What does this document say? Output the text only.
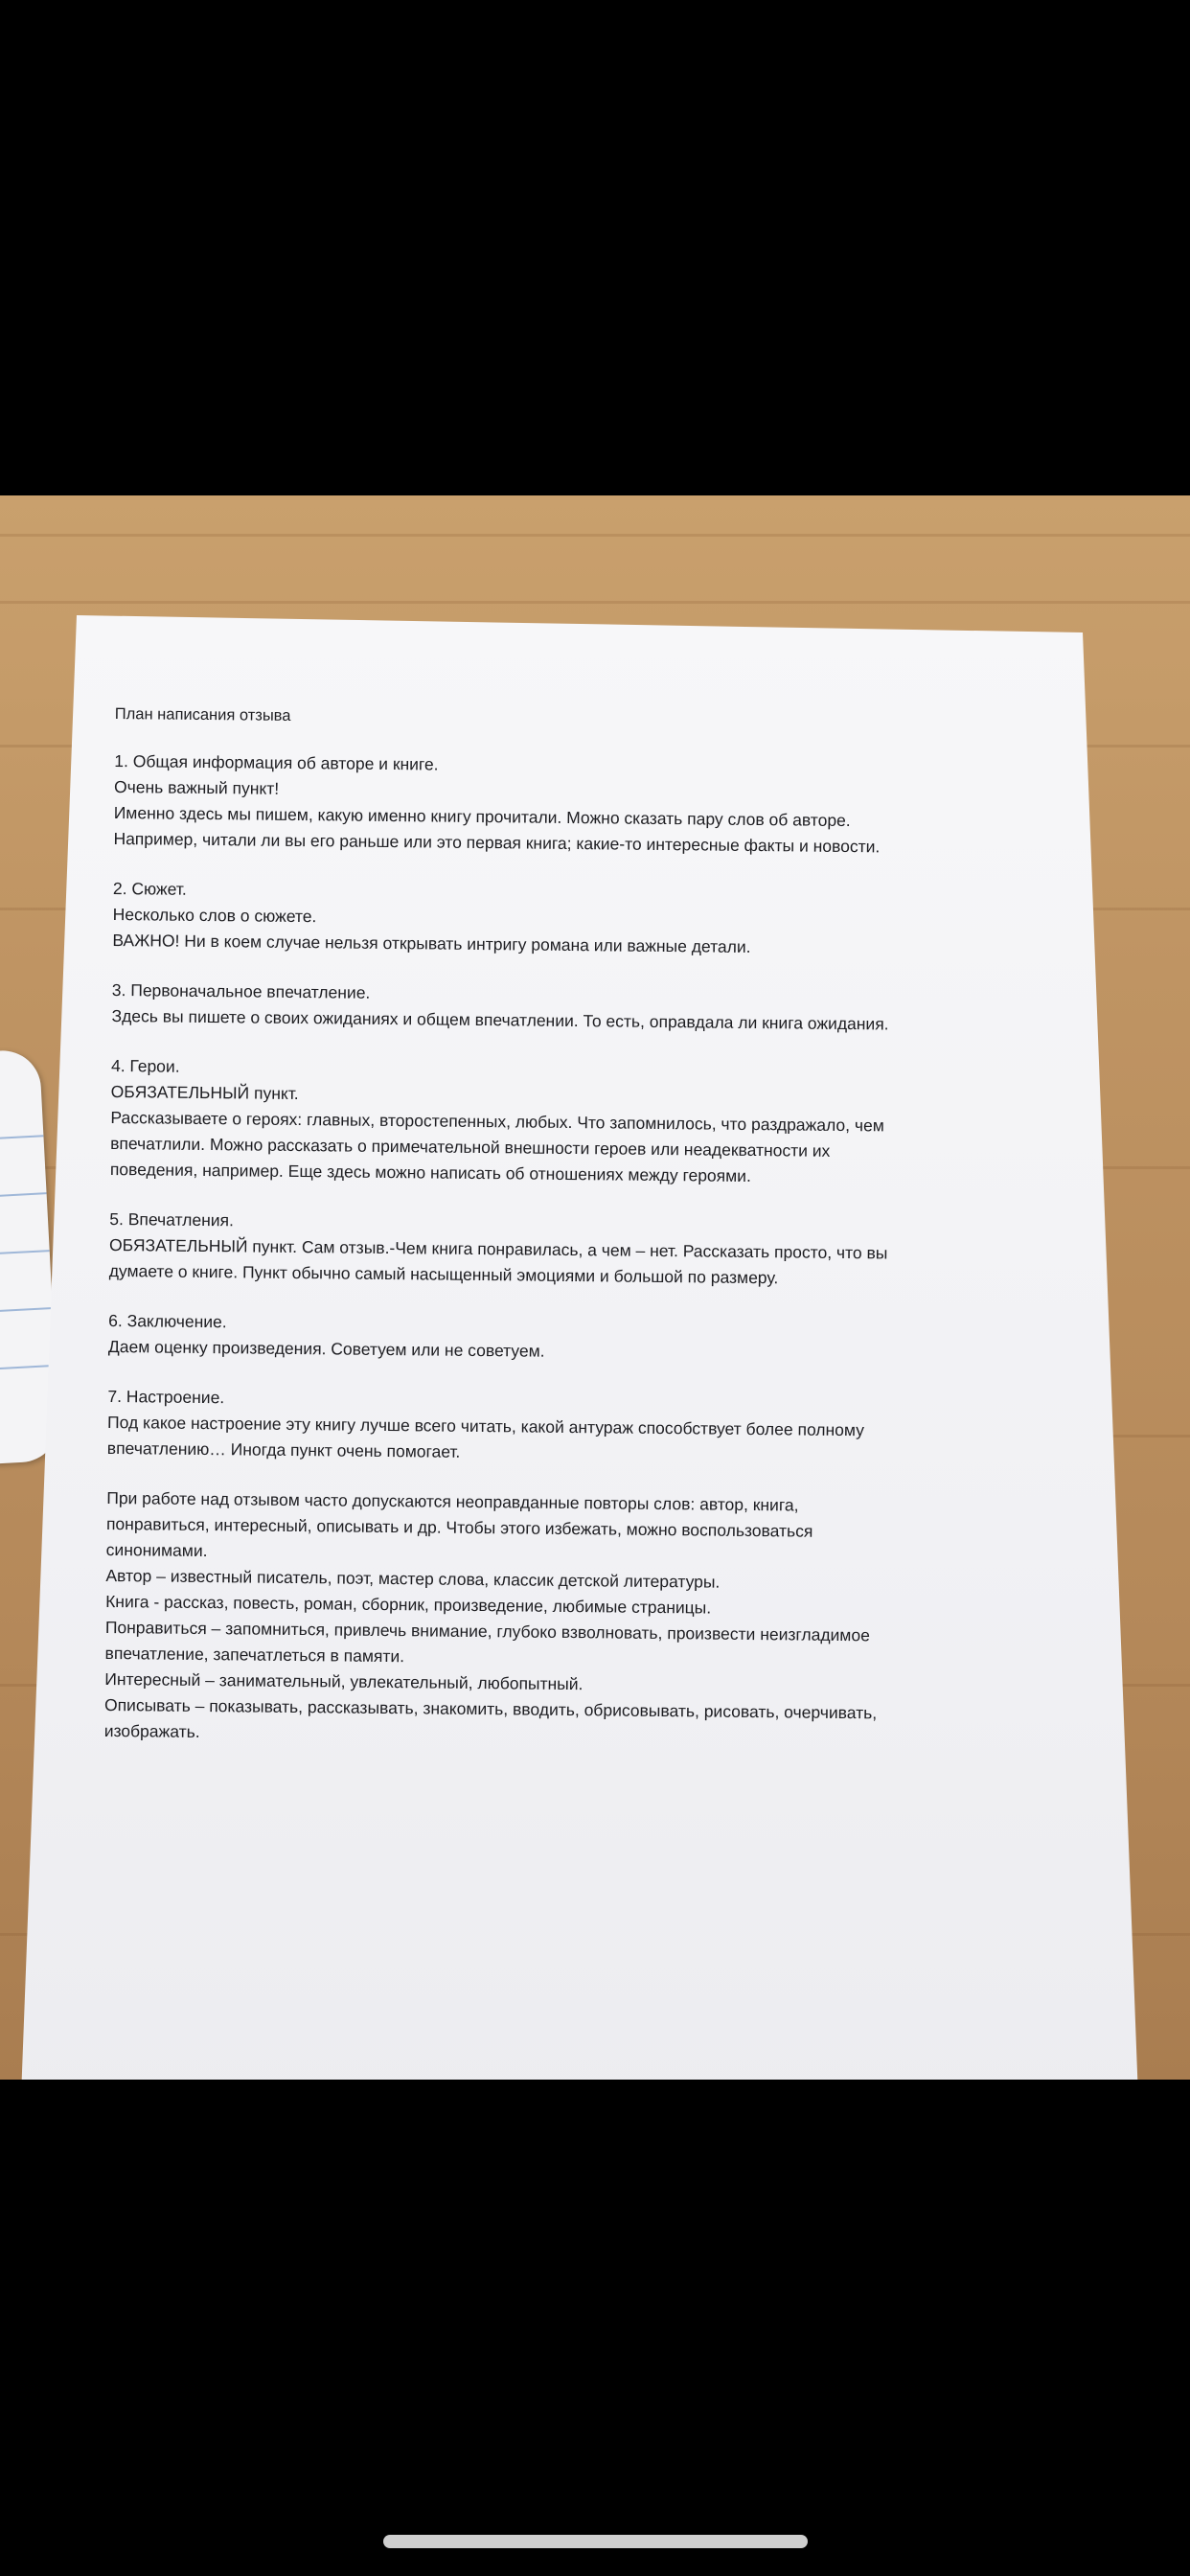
План написания отзыва

1. Общая информация об авторе и книге.

Очень важный пункт!

Именно здесь мы пишем, какую именно книгу прочитали. Можно сказать пару слов об авторе.

Например, читали ли вы его раньше или это первая книга; какие-то интересные факты и новости.

2. Сюжет.

Несколько слов о сюжете.

ВАЖНО! Ни в коем случае нельзя открывать интригу романа или важные детали.

3. Первоначальное впечатление.

Здесь вы пишете о своих ожиданиях и общем впечатлении. То есть, оправдала ли книга ожидания.

4. Герои.

ОБЯЗАТЕЛЬНЫЙ пункт.

Рассказываете о героях: главных, второстепенных, любых. Что запомнилось, что раздражало, чем

впечатлили. Можно рассказать о примечательной внешности героев или неадекватности их

поведения, например. Еще здесь можно написать об отношениях между героями.

5. Впечатления.

ОБЯЗАТЕЛЬНЫЙ пункт. Сам отзыв.-Чем книга понравилась, а чем – нет. Рассказать просто, что вы

думаете о книге. Пункт обычно самый насыщенный эмоциями и большой по размеру.

6. Заключение.

Даем оценку произведения. Советуем или не советуем.

7. Настроение.

Под какое настроение эту книгу лучше всего читать, какой антураж способствует более полному

впечатлению… Иногда пункт очень помогает.

При работе над отзывом часто допускаются неоправданные повторы слов: автор, книга,

понравиться, интересный, описывать и др. Чтобы этого избежать, можно воспользоваться

синонимами.

Автор – известный писатель, поэт, мастер слова, классик детской литературы.

Книга - рассказ, повесть, роман, сборник, произведение, любимые страницы.

Понравиться – запомниться, привлечь внимание, глубоко взволновать, произвести неизгладимое

впечатление, запечатлеться в памяти.

Интересный – занимательный, увлекательный, любопытный.

Описывать – показывать, рассказывать, знакомить, вводить, обрисовывать, рисовать, очерчивать,

изображать.
